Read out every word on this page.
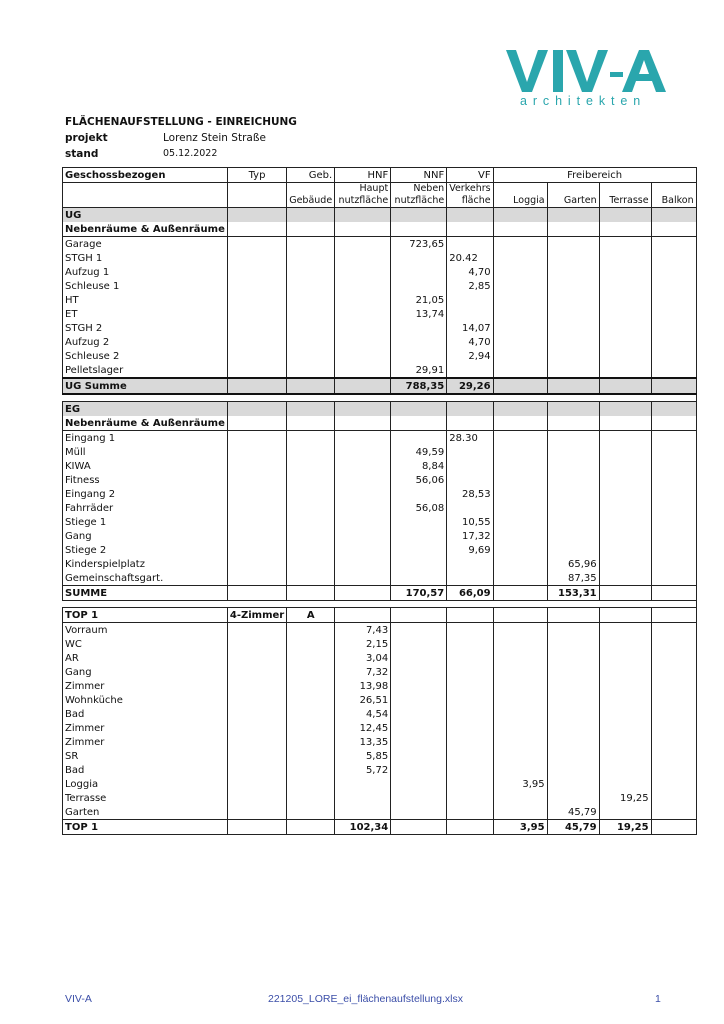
architekten
FLÄCHENAUFSTELLUNG - EINREICHUNG
projekt	Lorenz Stein Straße
stand	05.12.2022
Geschossbezogen	Typ	Geb.	HNF	NNF	VF	Freibereich			
			Haupt	Neben	Verkehrs				
		Gebäude	nutzfläche	nutzfläche	fläche	Loggia	Garten	Terrasse	Balkon
UG									
Nebenräume & Außenräume									
Garage				723,65					
STGH 1					20.42				
Aufzug 1					4,70				
Schleuse 1					2,85				
HT				21,05					
ET				13,74					
STGH 2					14,07				
Aufzug 2					4,70				
Schleuse 2					2,94				
Pelletslager				29,91					
UG Summe				788,35	29,26				

EG									
Nebenräume & Außenräume									
Eingang 1					28.30				
Müll				49,59					
KIWA				8,84					
Fitness				56,06					
Eingang 2					28,53				
Fahrräder				56,08					
Stiege 1					10,55				
Gang					17,32				
Stiege 2					9,69				
Kinderspielplatz							65,96		
Gemeinschaftsgart.							87,35		
SUMME				170,57	66,09		153,31		

TOP 1	4-Zimmer	A							
Vorraum			7,43						
WC			2,15						
AR			3,04						
Gang			7,32						
Zimmer			13,98						
Wohnküche			26,51						
Bad			4,54						
Zimmer			12,45						
Zimmer			13,35						
SR			5,85						
Bad			5,72						
Loggia						3,95			
Terrasse								19,25	
Garten							45,79		
TOP 1			102,34			3,95	45,79	19,25	
VIV-A	221205_LORE_ei_flächenaufstellung.xlsx	1
